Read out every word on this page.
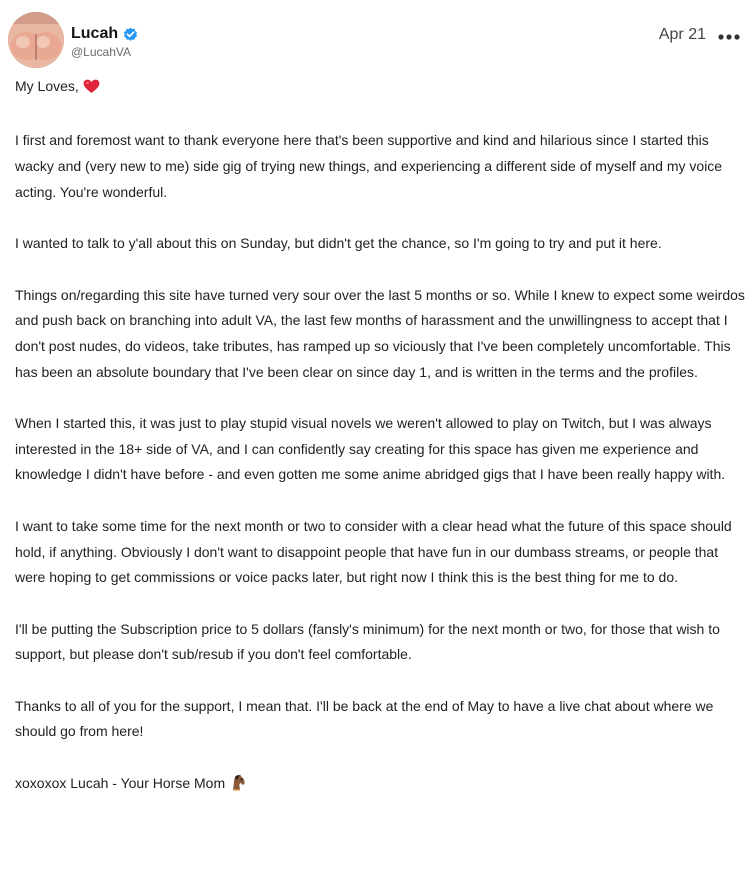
Lucah
@LucahVA
Apr 21

My Loves,

I first and foremost want to thank everyone here that's been supportive and kind and hilarious since I started this wacky and (very new to me) side gig of trying new things, and experiencing a different side of myself and my voice acting. You're wonderful.

I wanted to talk to y'all about this on Sunday, but didn't get the chance, so I'm going to try and put it here.

Things on/regarding this site have turned very sour over the last 5 months or so. While I knew to expect some weirdos and push back on branching into adult VA, the last few months of harassment and the unwillingness to accept that I don't post nudes, do videos, take tributes, has ramped up so viciously that I've been completely uncomfortable. This has been an absolute boundary that I've been clear on since day 1, and is written in the terms and the profiles.

When I started this, it was just to play stupid visual novels we weren't allowed to play on Twitch, but I was always interested in the 18+ side of VA, and I can confidently say creating for this space has given me experience and knowledge I didn't have before - and even gotten me some anime abridged gigs that I have been really happy with.

I want to take some time for the next month or two to consider with a clear head what the future of this space should hold, if anything. Obviously I don't want to disappoint people that have fun in our dumbass streams, or people that were hoping to get commissions or voice packs later, but right now I think this is the best thing for me to do.

I'll be putting the Subscription price to 5 dollars (fansly's minimum) for the next month or two, for those that wish to support, but please don't sub/resub if you don't feel comfortable.

Thanks to all of you for the support, I mean that. I'll be back at the end of May to have a live chat about where we should go from here!

xoxoxox Lucah - Your Horse Mom
